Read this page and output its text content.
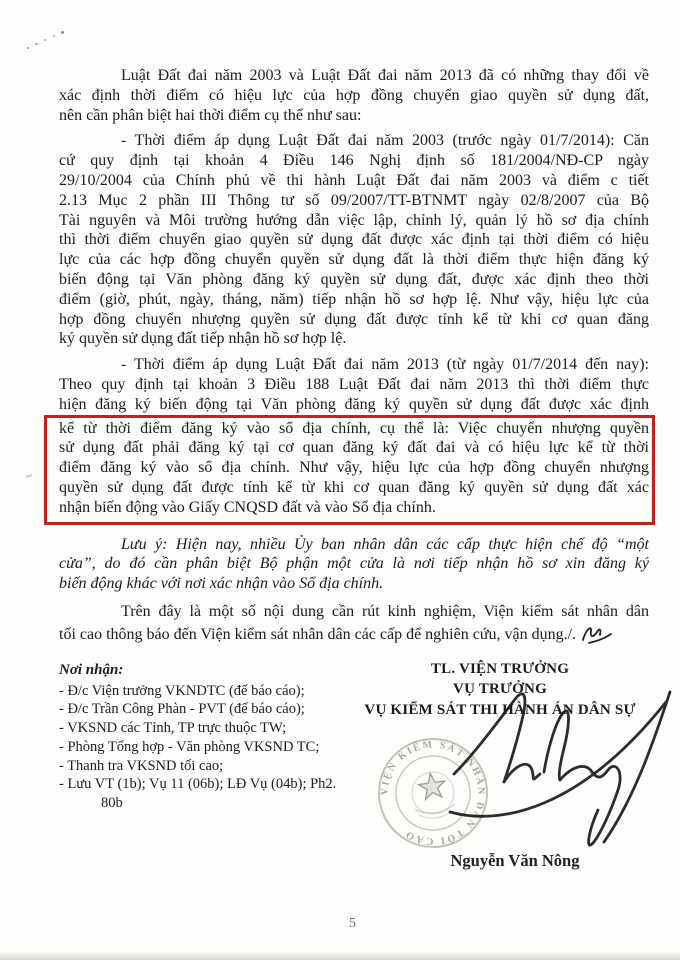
Luật Đất đai năm 2003 và Luật Đất đai năm 2013 đã có những thay đổi về
xác định thời điểm có hiệu lực của hợp đồng chuyển giao quyền sử dụng đất,
nên cần phân biệt hai thời điểm cụ thể như sau:
- Thời điểm áp dụng Luật Đất đai năm 2003 (trước ngày 01/7/2014): Căn
cứ quy định tại khoản 4 Điều 146 Nghị định số 181/2004/NĐ-CP ngày
29/10/2004 của Chính phủ về thi hành Luật Đất đai năm 2003 và điểm c tiết
2.13 Mục 2 phần III Thông tư số 09/2007/TT-BTNMT ngày 02/8/2007 của Bộ
Tài nguyên và Môi trường hướng dẫn việc lập, chỉnh lý, quản lý hồ sơ địa chính
thì thời điểm chuyển giao quyền sử dụng đất được xác định tại thời điểm có hiệu
lực của các hợp đồng chuyển quyền sử dụng đất là thời điểm thực hiện đăng ký
biến động tại Văn phòng đăng ký quyền sử dụng đất, được xác định theo thời
điểm (giờ, phút, ngày, tháng, năm) tiếp nhận hồ sơ hợp lệ. Như vậy, hiệu lực của
hợp đồng chuyển nhượng quyền sử dụng đất được tính kể từ khi cơ quan đăng
ký quyền sử dụng đất tiếp nhận hồ sơ hợp lệ.
- Thời điểm áp dụng Luật Đất đai năm 2013 (từ ngày 01/7/2014 đến nay):
Theo quy định tại khoản 3 Điều 188 Luật Đất đai năm 2013 thì thời điểm thực
hiện đăng ký biến động tại Văn phòng đăng ký quyền sử dụng đất được xác định
kể từ thời điểm đăng ký vào sổ địa chính, cụ thể là: Việc chuyển nhượng quyền
sử dụng đất phải đăng ký tại cơ quan đăng ký đất đai và có hiệu lực kể từ thời
điểm đăng ký vào sổ địa chính. Như vậy, hiệu lực của hợp đồng chuyển nhượng
quyền sử dụng đất được tính kể từ khi cơ quan đăng ký quyền sử dụng đất xác
nhận biến động vào Giấy CNQSD đất và vào Sổ địa chính.
Lưu ý: Hiện nay, nhiều Ủy ban nhân dân các cấp thực hiện chế độ “một
cửa”, do đó cần phân biệt Bộ phận một cửa là nơi tiếp nhận hồ sơ xin đăng ký
biến động khác với nơi xác nhận vào Sổ địa chính.
Trên đây là một số nội dung cần rút kinh nghiệm, Viện kiểm sát nhân dân
tối cao thông báo đến Viện kiểm sát nhân dân các cấp để nghiên cứu, vận dụng./.
Nơi nhận:
- Đ/c Viện trưởng VKNDTC (để báo cáo);
- Đ/c Trần Công Phàn - PVT (để báo cáo);
- VKSND các Tỉnh, TP trực thuộc TW;
- Phòng Tổng hợp - Văn phòng VKSND TC;
- Thanh tra VKSND tối cao;
- Lưu VT (1b); Vụ 11 (06b); LĐ Vụ (04b); Ph2.
80b
TL. VIỆN TRƯỞNG
VỤ TRƯỞNG
VỤ KIỂM SÁT THI HÀNH ÁN DÂN SỰ
VIỆN KIỂM SÁT NHÂN DÂN TỐI CAO
Nguyễn Văn Nông
5
